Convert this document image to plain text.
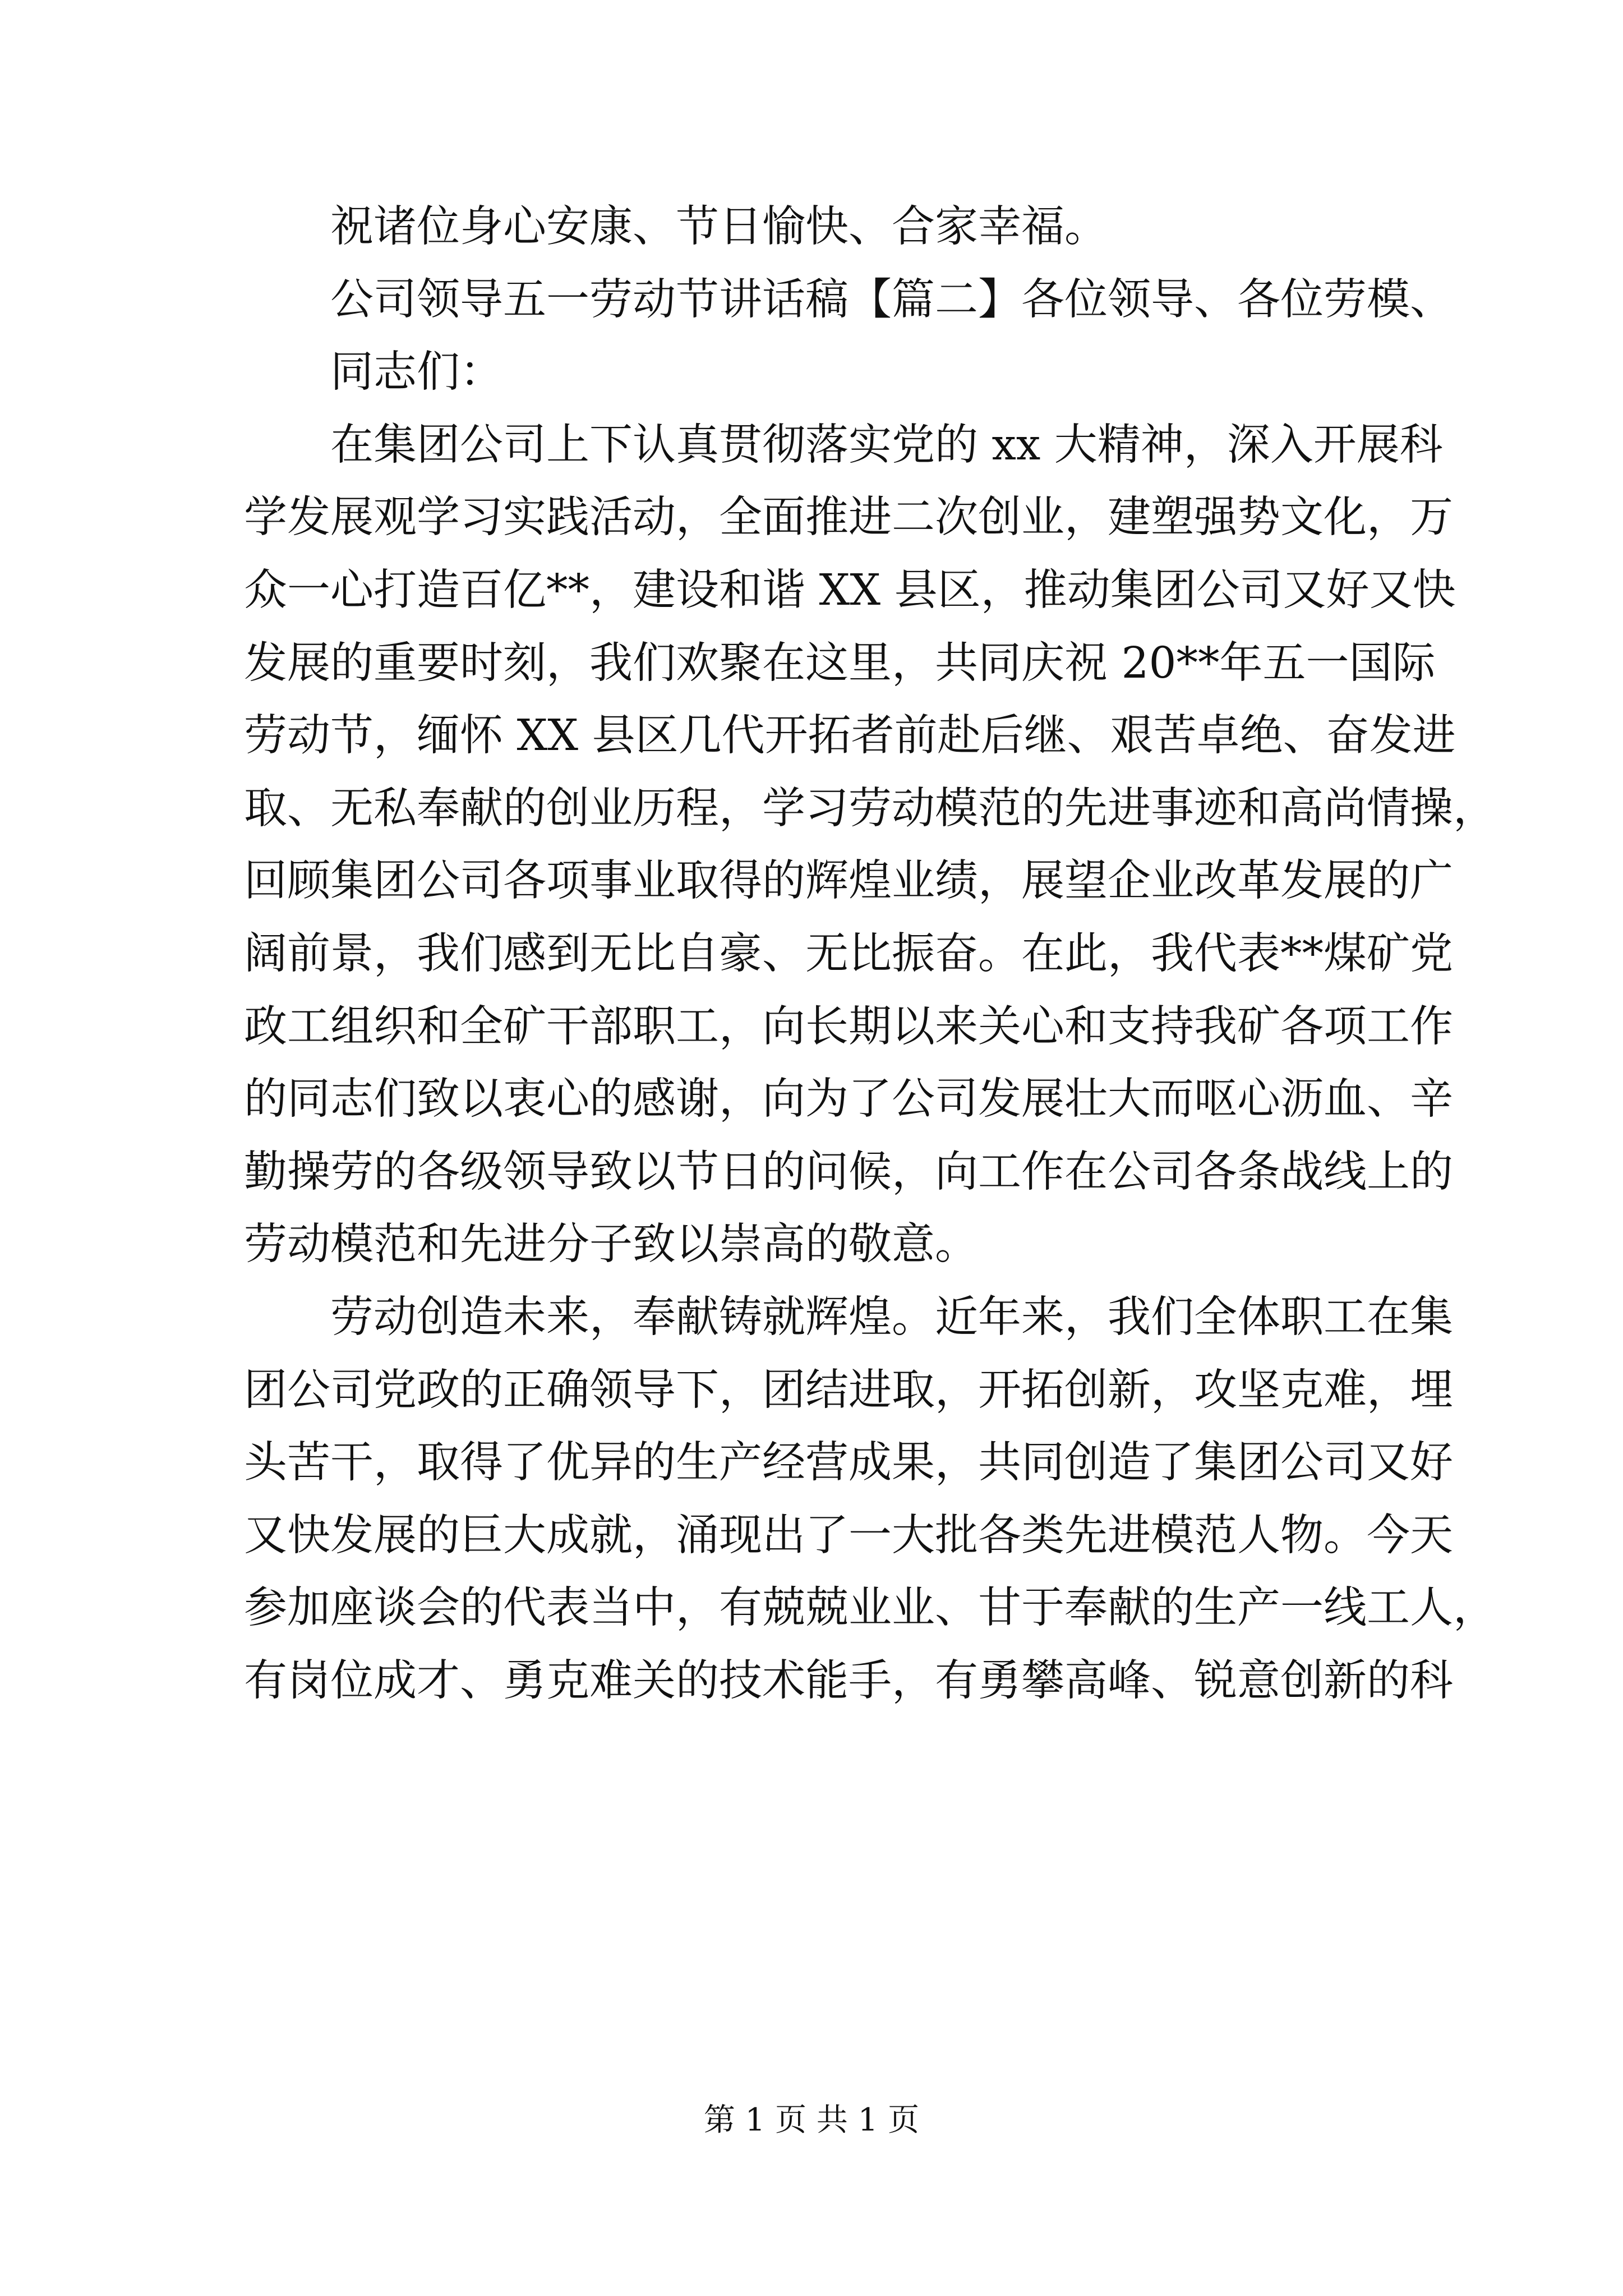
祝诸位身心安康、节日愉快、合家幸福。
公司领导五一劳动节讲话稿【篇二】各位领导、各位劳模、
同志们：
在集团公司上下认真贯彻落实党的 xx 大精神，深入开展科
学发展观学习实践活动，全面推进二次创业，建塑强势文化，万
众一心打造百亿**，建设和谐 XX 县区，推动集团公司又好又快
发展的重要时刻，我们欢聚在这里，共同庆祝 20**年五一国际
劳动节，缅怀 XX 县区几代开拓者前赴后继、艰苦卓绝、奋发进
取、无私奉献的创业历程，学习劳动模范的先进事迹和高尚情操，
回顾集团公司各项事业取得的辉煌业绩，展望企业改革发展的广
阔前景，我们感到无比自豪、无比振奋。在此，我代表**煤矿党
政工组织和全矿干部职工，向长期以来关心和支持我矿各项工作
的同志们致以衷心的感谢，向为了公司发展壮大而呕心沥血、辛
勤操劳的各级领导致以节日的问候，向工作在公司各条战线上的
劳动模范和先进分子致以崇高的敬意。
劳动创造未来，奉献铸就辉煌。近年来，我们全体职工在集
团公司党政的正确领导下，团结进取，开拓创新，攻坚克难，埋
头苦干，取得了优异的生产经营成果，共同创造了集团公司又好
又快发展的巨大成就，涌现出了一大批各类先进模范人物。今天
参加座谈会的代表当中，有兢兢业业、甘于奉献的生产一线工人，
有岗位成才、勇克难关的技术能手，有勇攀高峰、锐意创新的科
第 1 页 共 1 页
